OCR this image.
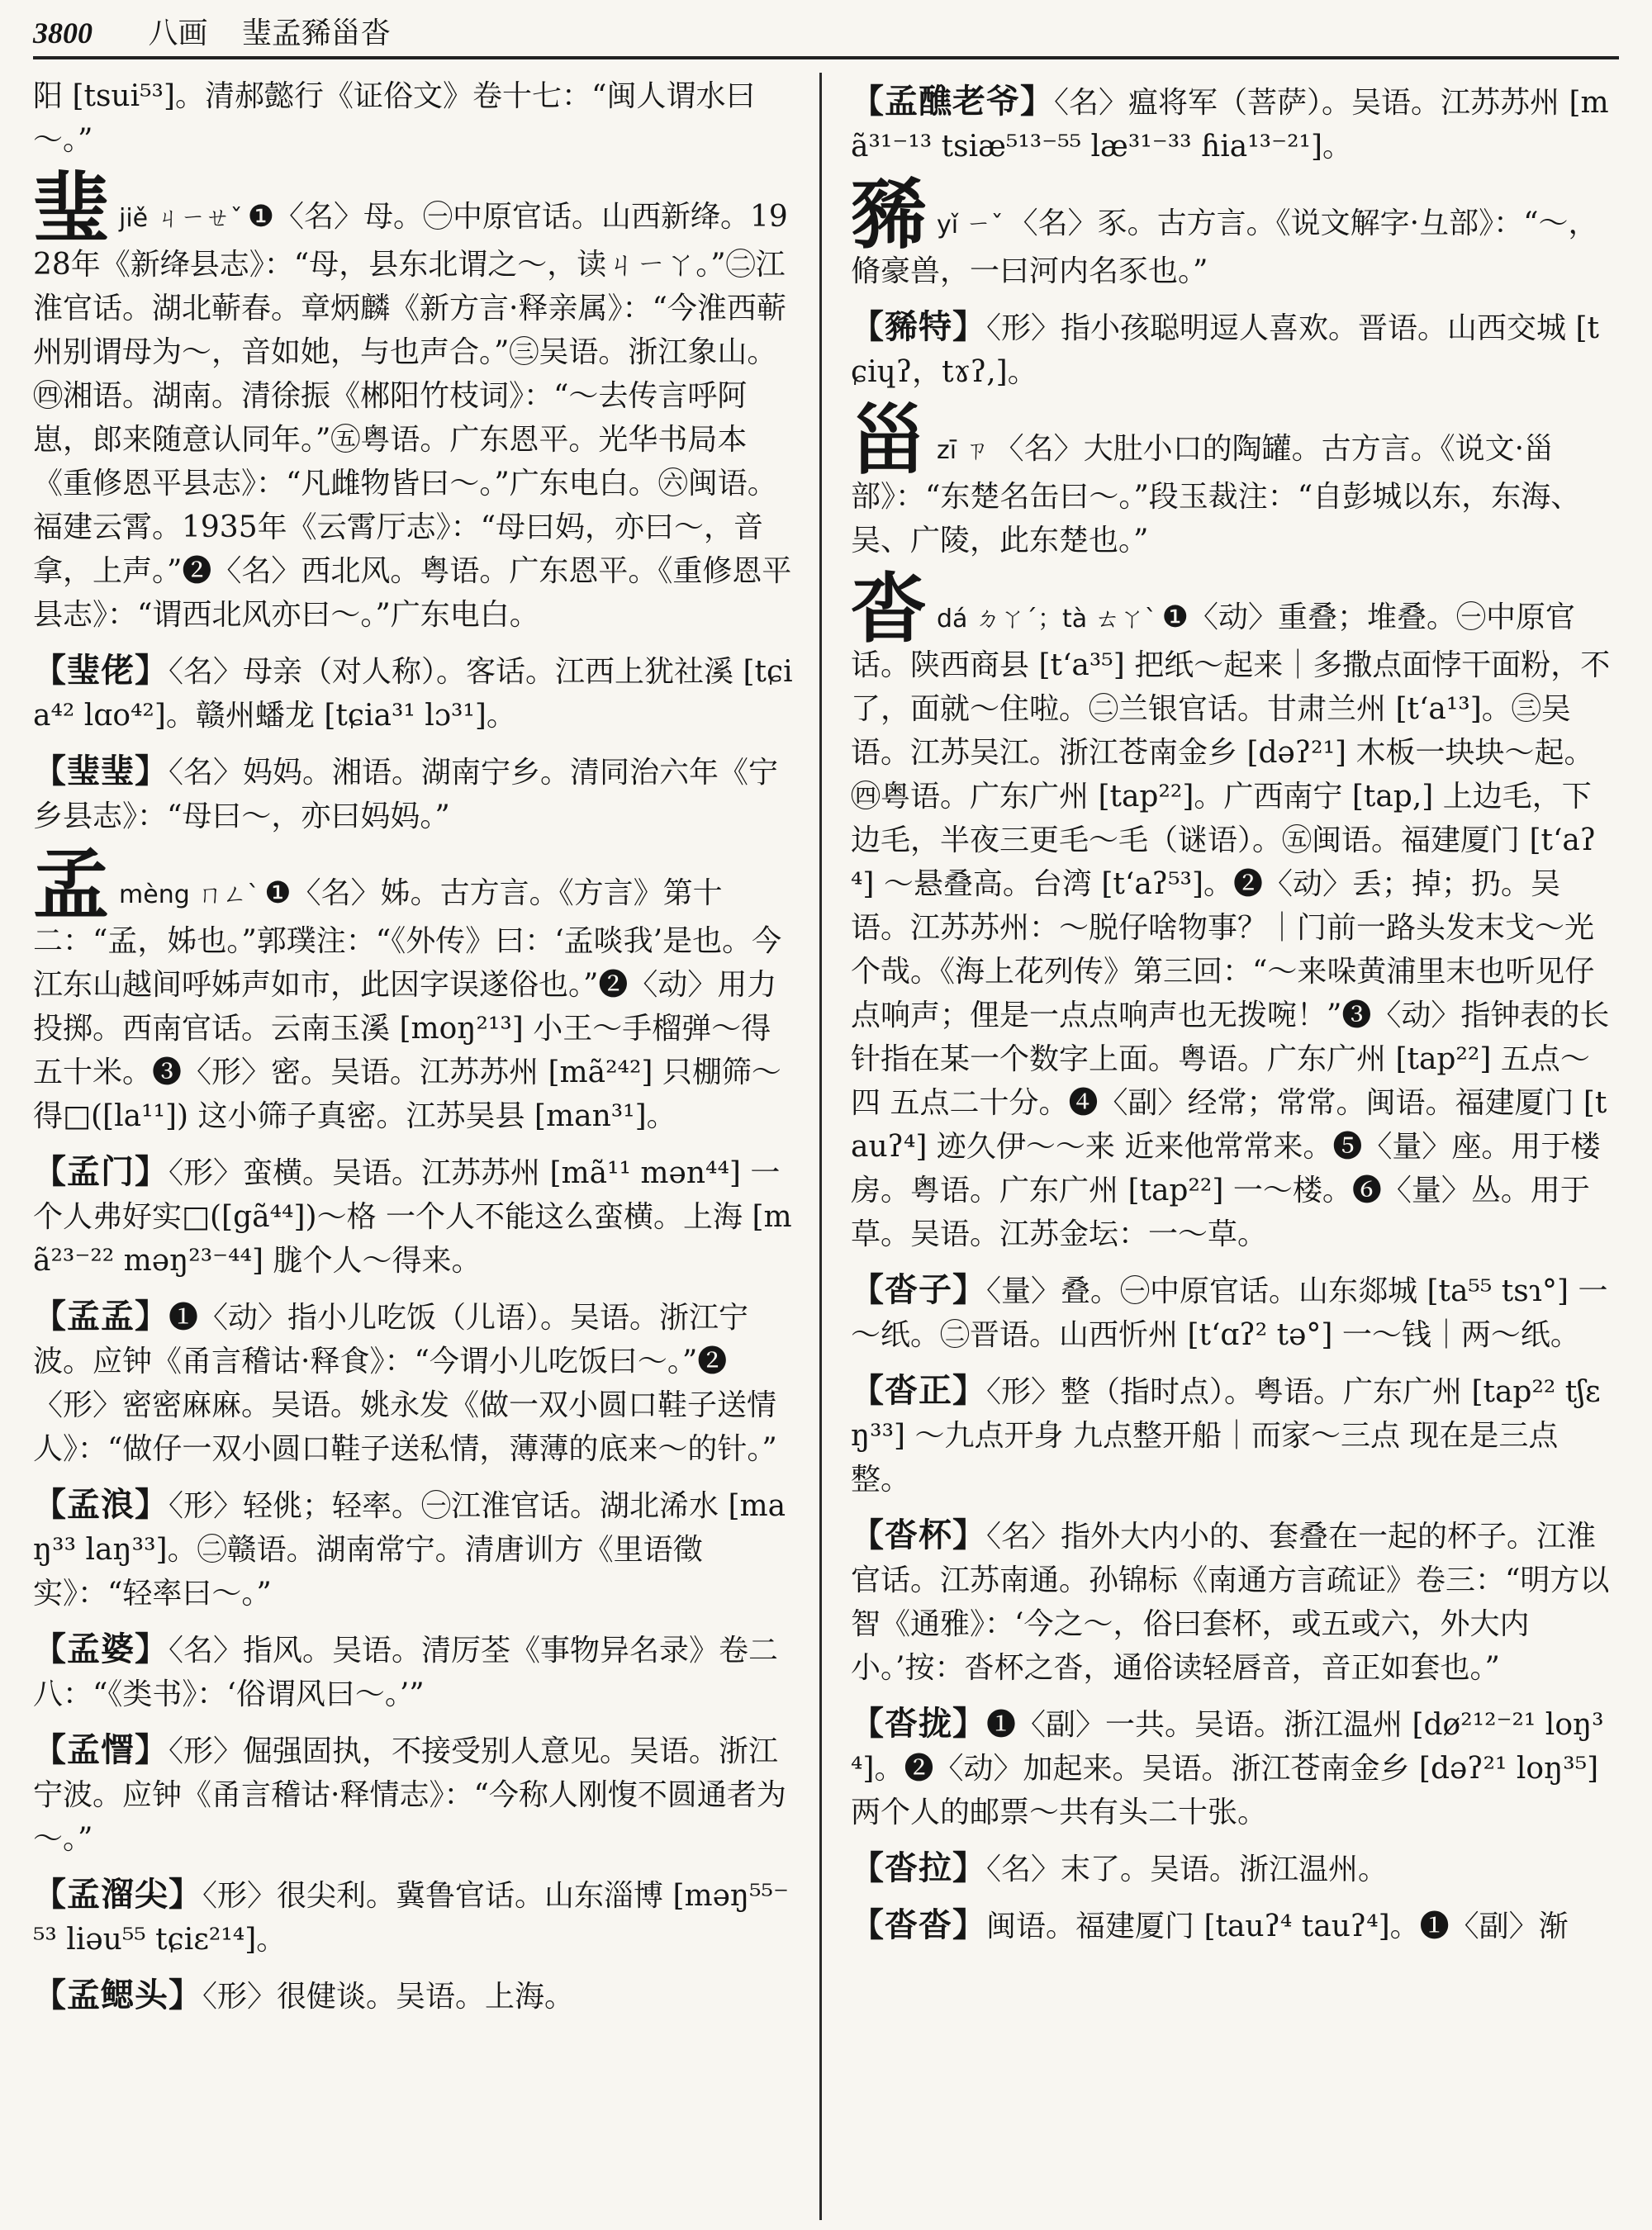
3800 八画 㻗孟豨甾沓

阳 [tsui⁵³]。清郝懿行《证俗文》卷十七：“闽人谓水曰～。”

㻗jiě ㄐㄧㄝˇ ❶〈名〉母。㊀中原官话。山西新绛。1928年《新绛县志》：“母，县东北谓之～，读ㄐㄧㄚ。”㊁江淮官话。湖北蕲春。章炳麟《新方言·释亲属》：“今淮西蕲州别谓母为～，音如她，与也声合。”㊂吴语。浙江象山。㊃湘语。湖南。清徐振《郴阳竹枝词》：“～去传言呼阿崽，郎来随意认同年。”㊄粤语。广东恩平。光华书局本《重修恩平县志》：“凡雌物皆曰～。”广东电白。㊅闽语。福建云霄。1935年《云霄厅志》：“母曰妈，亦曰～，音拿，上声。”❷〈名〉西北风。粤语。广东恩平。《重修恩平县志》：“谓西北风亦曰～。”广东电白。

【㻗佬】〈名〉母亲（对人称）。客话。江西上犹社溪 [tɕia⁴² lɑo⁴²]。赣州蟠龙 [tɕia³¹ lɔ³¹]。

【㻗㻗】〈名〉妈妈。湘语。湖南宁乡。清同治六年《宁乡县志》：“母曰～，亦曰妈妈。”

孟mèng ㄇㄥˋ ❶〈名〉姊。古方言。《方言》第十二：“孟，姊也。”郭璞注：“《外传》曰：‘孟啖我’是也。今江东山越间呼姊声如市，此因字误遂俗也。”❷〈动〉用力投掷。西南官话。云南玉溪 [moŋ²¹³] 小王～手榴弹～得五十米。❸〈形〉密。吴语。江苏苏州 [mã²⁴²] 只棚筛～得□([la¹¹]) 这小筛子真密。江苏吴县 [man³¹]。

【孟门】〈形〉蛮横。吴语。江苏苏州 [mã¹¹ mən⁴⁴] 一个人弗好实□([gã⁴⁴])～格 一个人不能这么蛮横。上海 [mã²³⁻²² məŋ²³⁻⁴⁴] 䏵个人～得来。

【孟孟】❶〈动〉指小儿吃饭（儿语）。吴语。浙江宁波。应钟《甬言稽诂·释食》：“今谓小儿吃饭曰～。”❷〈形〉密密麻麻。吴语。姚永发《做一双小圆口鞋子送情人》：“做仔一双小圆口鞋子送私情，薄薄的底来～的针。”

【孟浪】〈形〉轻佻；轻率。㊀江淮官话。湖北浠水 [maŋ³³ laŋ³³]。㊁赣语。湖南常宁。清唐训方《里语徵实》：“轻率曰～。”

【孟婆】〈名〉指风。吴语。清厉荃《事物异名录》卷二八：“《类书》：‘俗谓风曰～。’”

【孟㦒】〈形〉倔强固执，不接受别人意见。吴语。浙江宁波。应钟《甬言稽诂·释情志》：“今称人刚愎不圆通者为～。”

【孟溜尖】〈形〉很尖利。冀鲁官话。山东淄博 [məŋ⁵⁵⁻⁵³ liəu⁵⁵ tɕiɛ²¹⁴]。

【孟鳃头】〈形〉很健谈。吴语。上海。

【孟醮老爷】〈名〉瘟将军（菩萨）。吴语。江苏苏州 [mã³¹⁻¹³ tsiæ⁵¹³⁻⁵⁵ læ³¹⁻³³ ɦia¹³⁻²¹]。

豨yǐ ㄧˇ 〈名〉豕。古方言。《说文解字·彑部》：“～，脩豪兽，一曰河内名豕也。”

【豨特】〈形〉指小孩聪明逗人喜欢。晋语。山西交城 [tɕiɥʔ，tɤʔ,]。

甾zī ㄗ 〈名〉大肚小口的陶罐。古方言。《说文·甾部》：“东楚名缶曰～。”段玉裁注：“自彭城以东，东海、吴、广陵，此东楚也。”

沓dá ㄉㄚˊ；tà ㄊㄚˋ ❶〈动〉重叠；堆叠。㊀中原官话。陕西商县 [tʻa³⁵] 把纸～起来｜多撒点面悖干面粉，不了，面就～住啦。㊁兰银官话。甘肃兰州 [tʻa¹³]。㊂吴语。江苏吴江。浙江苍南金乡 [dəʔ²¹] 木板一块块～起。㊃粤语。广东广州 [tap²²]。广西南宁 [tap,] 上边毛，下边毛，半夜三更毛～毛（谜语）。㊄闽语。福建厦门 [tʻaʔ⁴] ～悬叠高。台湾 [tʻaʔ⁵³]。❷〈动〉丢；掉；扔。吴语。江苏苏州：～脱仔啥物事？｜门前一路头发末戈～光个哉。《海上花列传》第三回：“～来哚黄浦里末也听见仔点响声；俚是一点点响声也无拨啘！”❸〈动〉指钟表的长针指在某一个数字上面。粤语。广东广州 [tap²²] 五点～四 五点二十分。❹〈副〉经常；常常。闽语。福建厦门 [tauʔ⁴] 迹久伊～～来 近来他常常来。❺〈量〉座。用于楼房。粤语。广东广州 [tap²²] 一～楼。❻〈量〉丛。用于草。吴语。江苏金坛：一～草。

【沓子】〈量〉叠。㊀中原官话。山东郯城 [ta⁵⁵ tsɿ°] 一～纸。㊁晋语。山西忻州 [tʻɑʔ² tə°] 一～钱｜两～纸。

【沓正】〈形〉整（指时点）。粤语。广东广州 [tap²² tʃɛŋ³³] ～九点开身 九点整开船｜而家～三点 现在是三点整。

【沓杯】〈名〉指外大内小的、套叠在一起的杯子。江淮官话。江苏南通。孙锦标《南通方言疏证》卷三：“明方以智《通雅》：‘今之～，俗曰套杯，或五或六，外大内小。’按：沓杯之沓，通俗读轻唇音，音正如套也。”

【沓拢】❶〈副〉一共。吴语。浙江温州 [dø²¹²⁻²¹ loŋ³⁴]。❷〈动〉加起来。吴语。浙江苍南金乡 [dəʔ²¹ loŋ³⁵] 两个人的邮票～共有头二十张。

【沓拉】〈名〉末了。吴语。浙江温州。

【沓沓】闽语。福建厦门 [tauʔ⁴ tauʔ⁴]。❶〈副〉渐
